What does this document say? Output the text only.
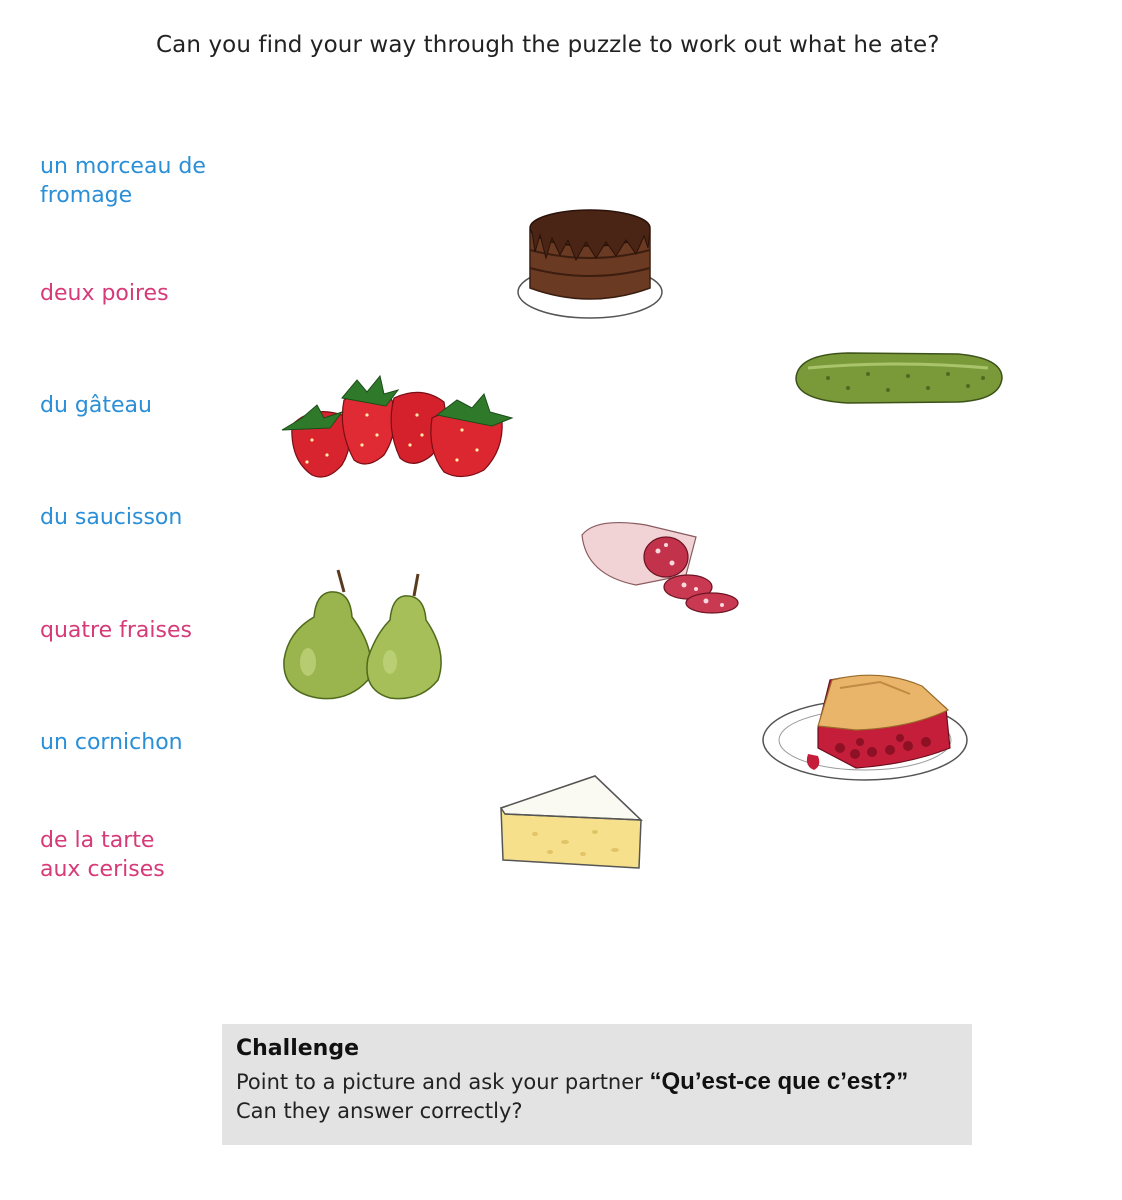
Can you find your way through the puzzle to work out what he ate?
un morceau de
fromage
deux poires
du gâteau
du saucisson
quatre fraises
un cornichon
de la tarte
aux cerises
Challenge
Point to a picture and ask your partner “Qu’est-ce que c’est?”
Can they answer correctly?
